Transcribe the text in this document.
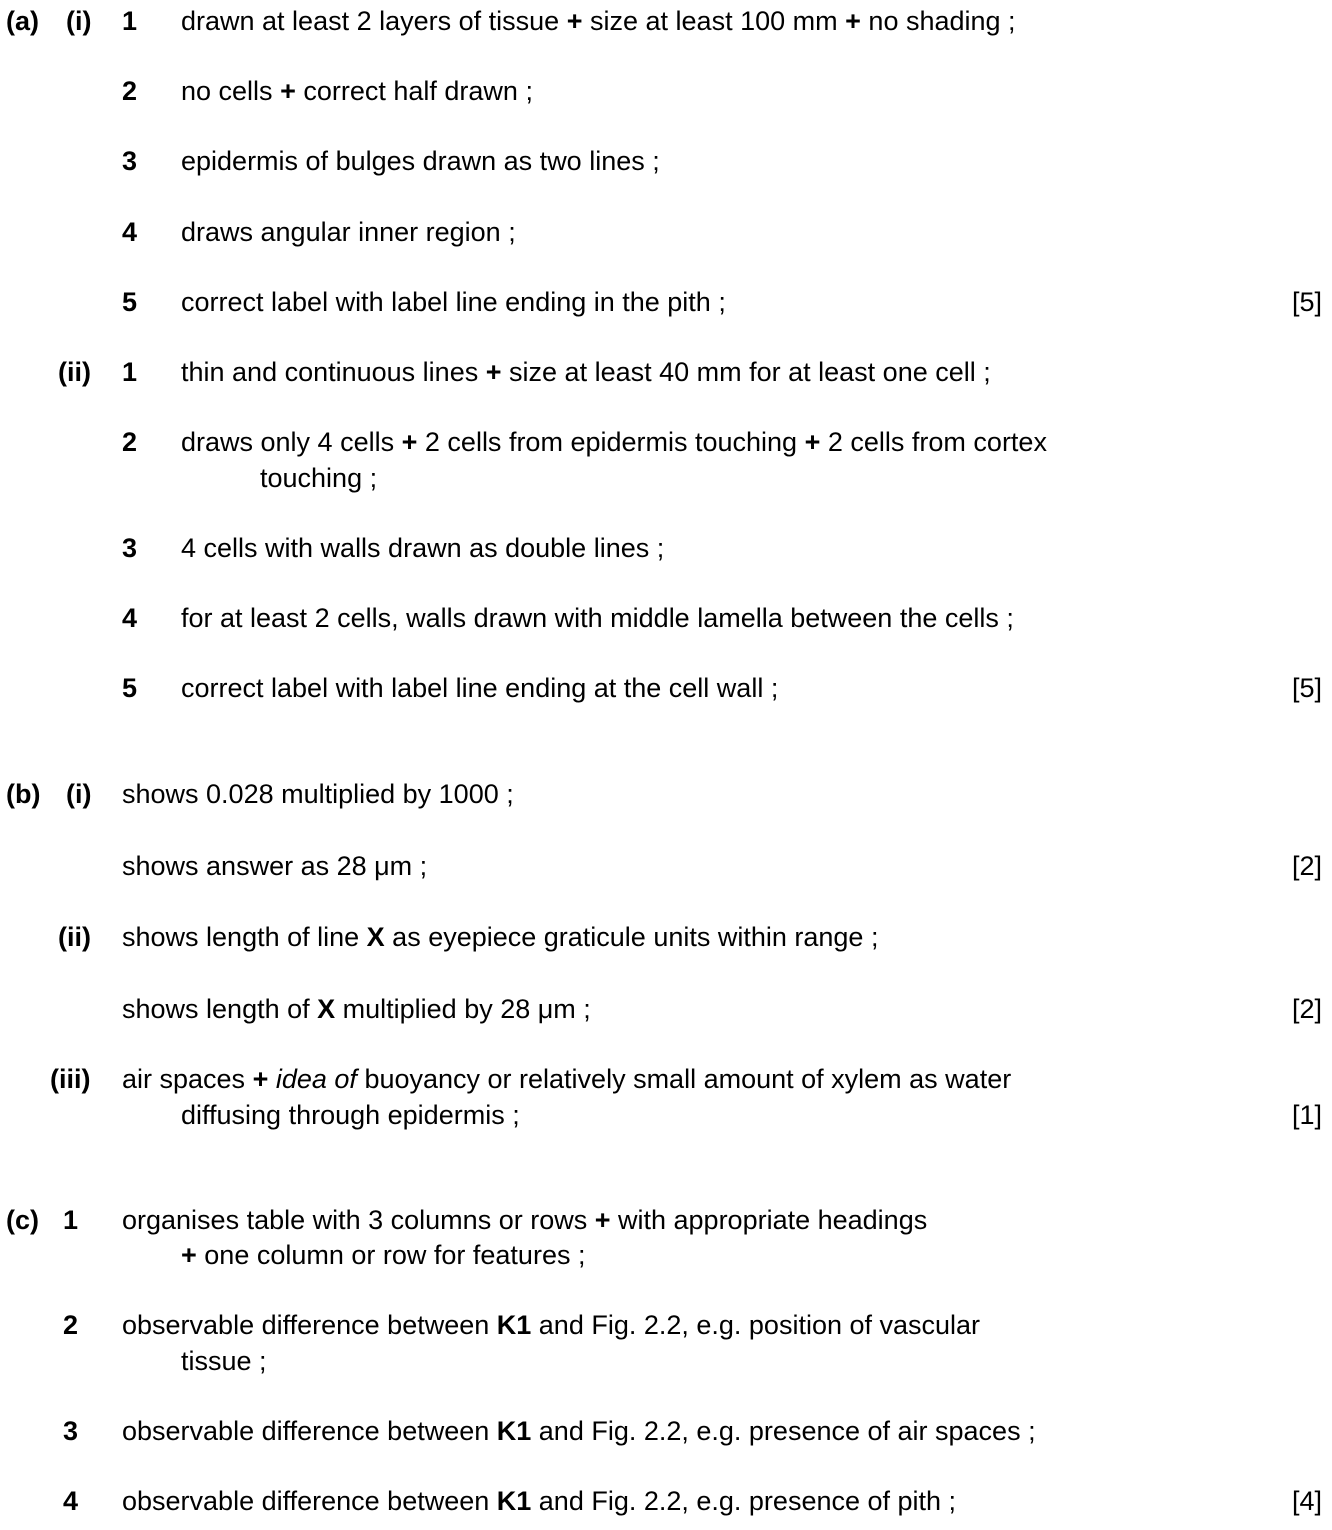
(a) (i) 1 drawn at least 2 layers of tissue + size at least 100 mm + no shading ;
2 no cells + correct half drawn ;
3 epidermis of bulges drawn as two lines ;
4 draws angular inner region ;
5 correct label with label line ending in the pith ;	[5]
(ii) 1 thin and continuous lines + size at least 40 mm for at least one cell ;
2 draws only 4 cells + 2 cells from epidermis touching + 2 cells from cortex
touching ;
3 4 cells with walls drawn as double lines ;
4 for at least 2 cells, walls drawn with middle lamella between the cells ;
5 correct label with label line ending at the cell wall ;	[5]
(b) (i) shows 0.028 multiplied by 1000 ;
shows answer as 28 μm ;	[2]
(ii) shows length of line X as eyepiece graticule units within range ;
shows length of X multiplied by 28 μm ;	[2]
(iii) air spaces + idea of buoyancy or relatively small amount of xylem as water
diffusing through epidermis ;	[1]
(c) 1 organises table with 3 columns or rows + with appropriate headings
+ one column or row for features ;
2 observable difference between K1 and Fig. 2.2, e.g. position of vascular
tissue ;
3 observable difference between K1 and Fig. 2.2, e.g. presence of air spaces ;
4 observable difference between K1 and Fig. 2.2, e.g. presence of pith ;	[4]
